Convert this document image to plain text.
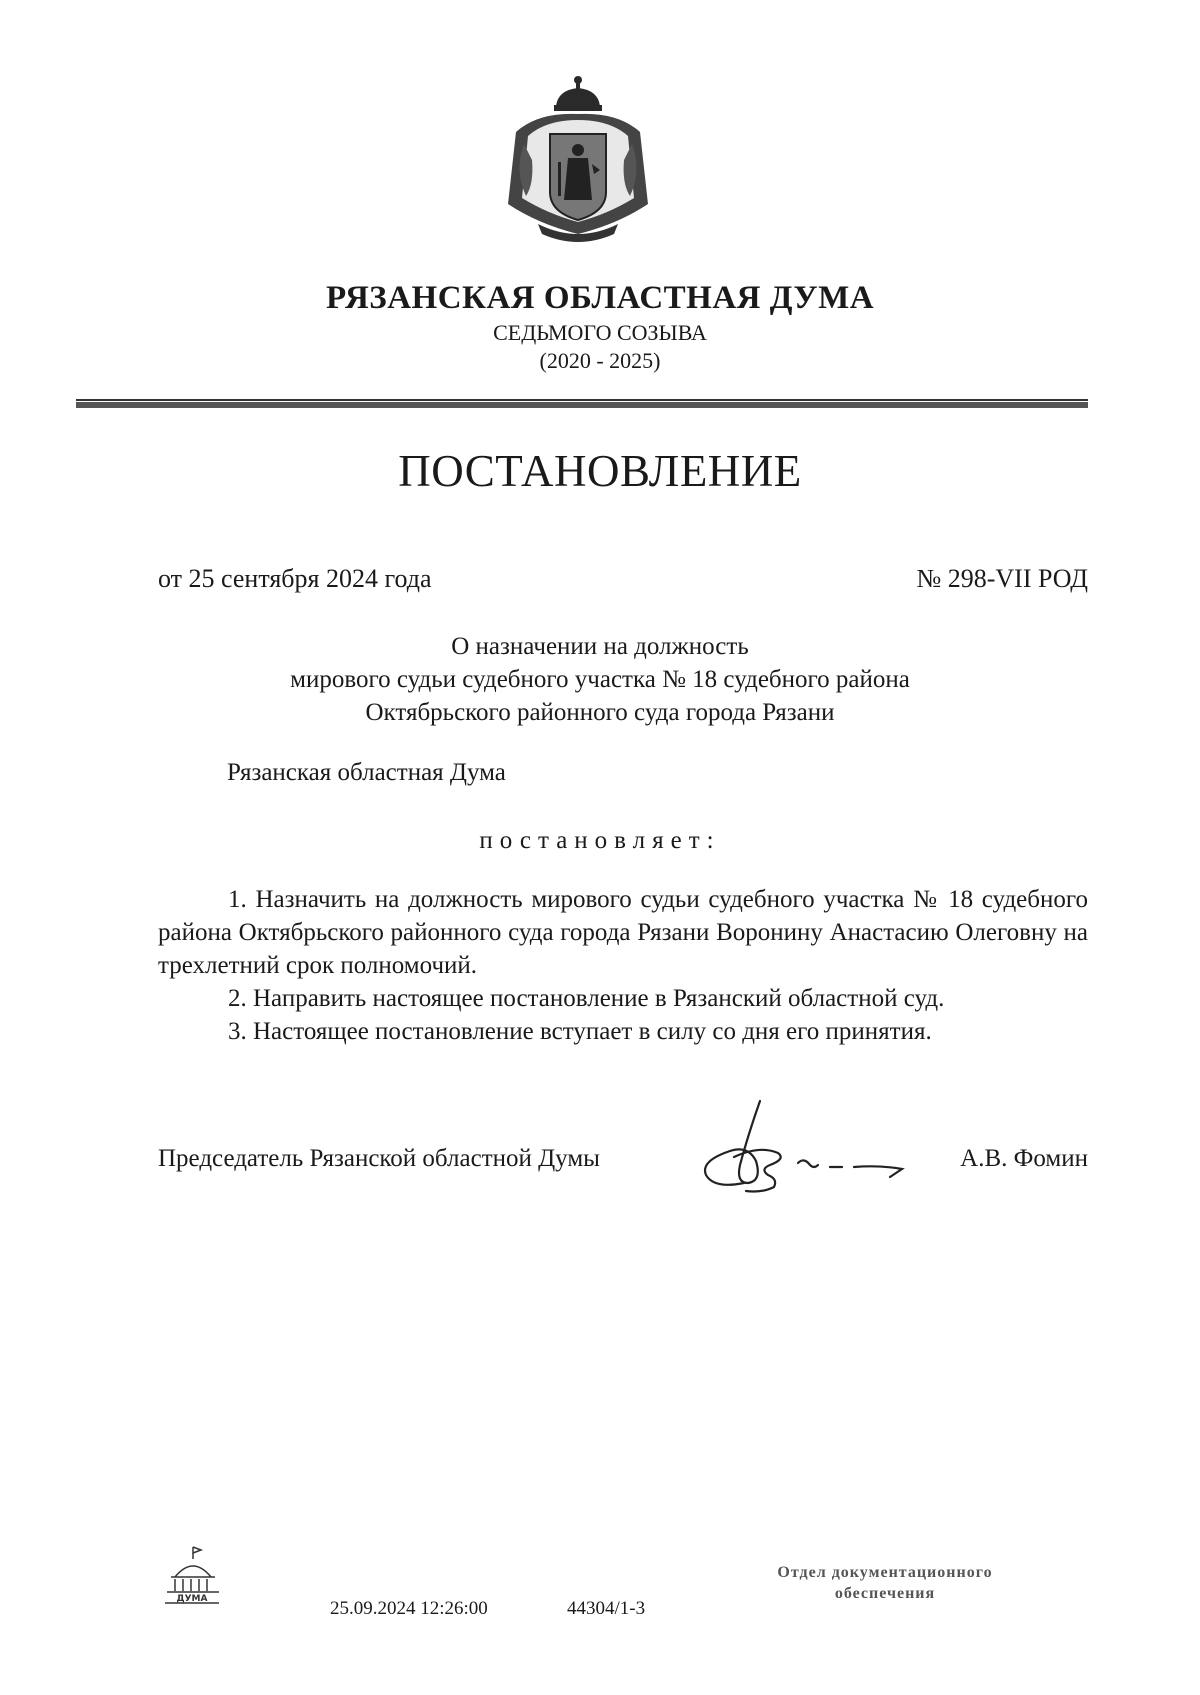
РЯЗАНСКАЯ ОБЛАСТНАЯ ДУМА
СЕДЬМОГО СОЗЫВА
(2020 - 2025)
ПОСТАНОВЛЕНИЕ
от 25 сентября 2024 года	№ 298-VII РОД
О назначении на должность
мирового судьи судебного участка № 18 судебного района
Октябрьского районного суда города Рязани
Рязанская областная Дума
постановляет:

1. Назначить на должность мирового судьи судебного участка № 18 судебного района Октябрьского районного суда города Рязани Воронину Анастасию Олеговну на трехлетний срок полномочий.

2. Направить настоящее постановление в Рязанский областной суд.

3. Настоящее постановление вступает в силу со дня его принятия.

Председатель Рязанской областной Думы	А.В. Фомин
ДУМА	25.09.2024 12:26:00	44304/1-3
Отдел документационного
обеспечения
